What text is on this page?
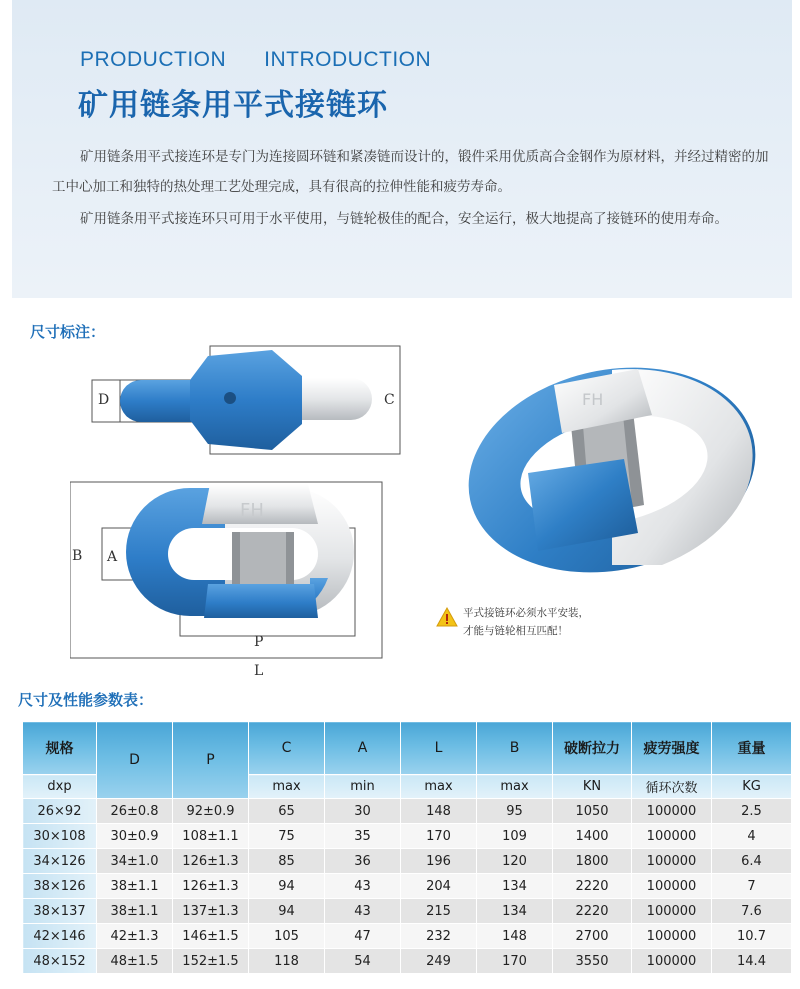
PRODUCTION INTRODUCTION
矿用链条用平式接链环

矿用链条用平式接连环是专门为连接圆环链和紧凑链而设计的，锻件采用优质高合金钢作为原材料，并经过精密的加工中心加工和独特的热处理工艺处理完成，具有很高的拉伸性能和疲劳寿命。

矿用链条用平式接连环只可用于水平使用，与链轮极佳的配合，安全运行，极大地提高了接链环的使用寿命。

尺寸标注：
D	C
FH
B A
P
L
FH
平式接链环必须水平安装，
才能与链轮相互匹配！
尺寸及性能参数表：
规格	D	P	C	A	L	B	破断拉力	疲劳强度	重量
dxp			max	min	max	max	KN	循环次数	KG
26×92	26±0.8	92±0.9	65	30	148	95	1050	100000	2.5
30×108	30±0.9	108±1.1	75	35	170	109	1400	100000	4
34×126	34±1.0	126±1.3	85	36	196	120	1800	100000	6.4
38×126	38±1.1	126±1.3	94	43	204	134	2220	100000	7
38×137	38±1.1	137±1.3	94	43	215	134	2220	100000	7.6
42×146	42±1.3	146±1.5	105	47	232	148	2700	100000	10.7
48×152	48±1.5	152±1.5	118	54	249	170	3550	100000	14.4
